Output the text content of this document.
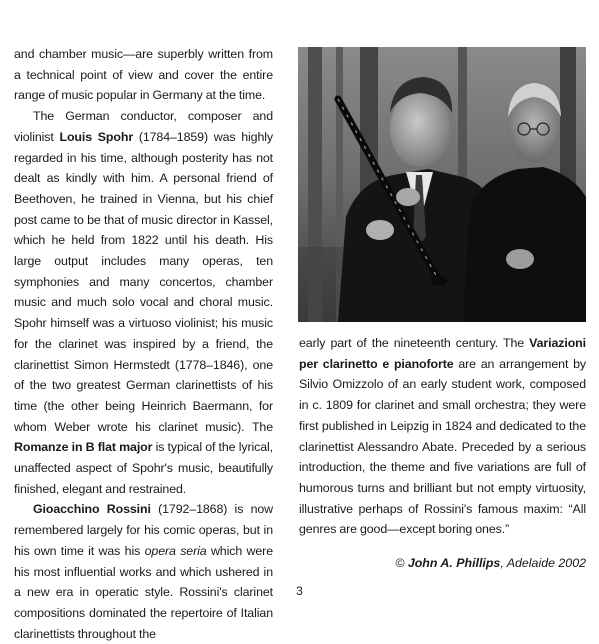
and chamber music—are superbly written from a technical point of view and cover the entire range of music popular in Germany at the time.

The German conductor, composer and violinist Louis Spohr (1784–1859) was highly regarded in his time, although posterity has not dealt as kindly with him. A personal friend of Beethoven, he trained in Vienna, but his chief post came to be that of music director in Kassel, which he held from 1822 until his death. His large output includes many operas, ten symphonies and many concertos, chamber music and much solo vocal and choral music. Spohr himself was a virtuoso violinist; his music for the clarinet was inspired by a friend, the clarinettist Simon Hermstedt (1778–1846), one of the two greatest German clarinettists of his time (the other being Heinrich Baermann, for whom Weber wrote his clarinet music). The Romanze in B flat major is typical of the lyrical, unaffected aspect of Spohr's music, beautifully finished, elegant and restrained.

Gioacchino Rossini (1792–1868) is now remembered largely for his comic operas, but in his own time it was his opera seria which were his most influential works and which ushered in a new era in operatic style. Rossini's clarinet compositions dominated the repertoire of Italian clarinettists throughout the

early part of the nineteenth century. The Variazioni per clarinetto e pianoforte are an arrangement by Silvio Omizzolo of an early student work, composed in c. 1809 for clarinet and small orchestra; they were first published in Leipzig in 1824 and dedicated to the clarinettist Alessandro Abate. Preceded by a serious introduction, the theme and five variations are full of humorous turns and brilliant but not empty virtuosity, illustrative perhaps of Rossini's famous maxim: “All genres are good—except boring ones.”

© John A. Phillips, Adelaide 2002
3
